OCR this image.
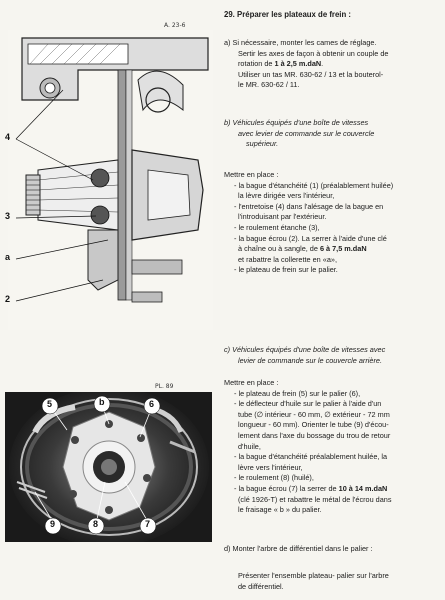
A. 23-6
4
3
a
2
PL. 89
5	b	6
9	8	7

29. Préparer les plateaux de frein :

a) Si nécessaire, monter les cames de réglage.

Sertir les axes de façon à obtenir un couple de

rotation de 1 à 2,5 m.daN.

Utiliser un tas MR. 630-62 / 13 et la bouterol-

le MR. 630-62 / 11.

b) Véhicules équipés d'une boîte de vitesses

avec levier de commande sur le couvercle

supérieur.

Mettre en place :

- la bague d'étanchéité (1) (préalablement huilée)

la lèvre dirigée vers l'intérieur,

- l'entretoise (4) dans l'alésage de la bague en

l'introduisant par l'extérieur.

- le roulement étanche (3),

- la bague écrou (2). La serrer à l'aide d'une clé

à chaîne ou à sangle, de 6 à 7,5 m.daN

et rabattre la collerette en «a»,

- le plateau de frein sur le palier.

c) Véhicules équipés d'une boîte de vitesses avec

levier de commande sur le couvercle arrière.

Mettre en place :

- le plateau de frein (5) sur le palier (6),

- le déflecteur d'huile sur le palier à l'aide d'un

tube (∅ intérieur - 60 mm, ∅ extérieur - 72 mm

longueur - 60 mm). Orienter le tube (9) d'écou-

lement dans l'axe du bossage du trou de retour

d'huile,

- la bague d'étanchéité préalablement huilée, la

lèvre vers l'intérieur,

- le roulement (8) (huilé),

- la bague écrou (7) la serrer de 10 à 14 m.daN

(clé 1926-T) et rabattre le métal de l'écrou dans

le fraisage « b » du palier.

d) Monter l'arbre de différentiel dans le palier :

Présenter l'ensemble plateau- palier sur l'arbre

de différentiel.
